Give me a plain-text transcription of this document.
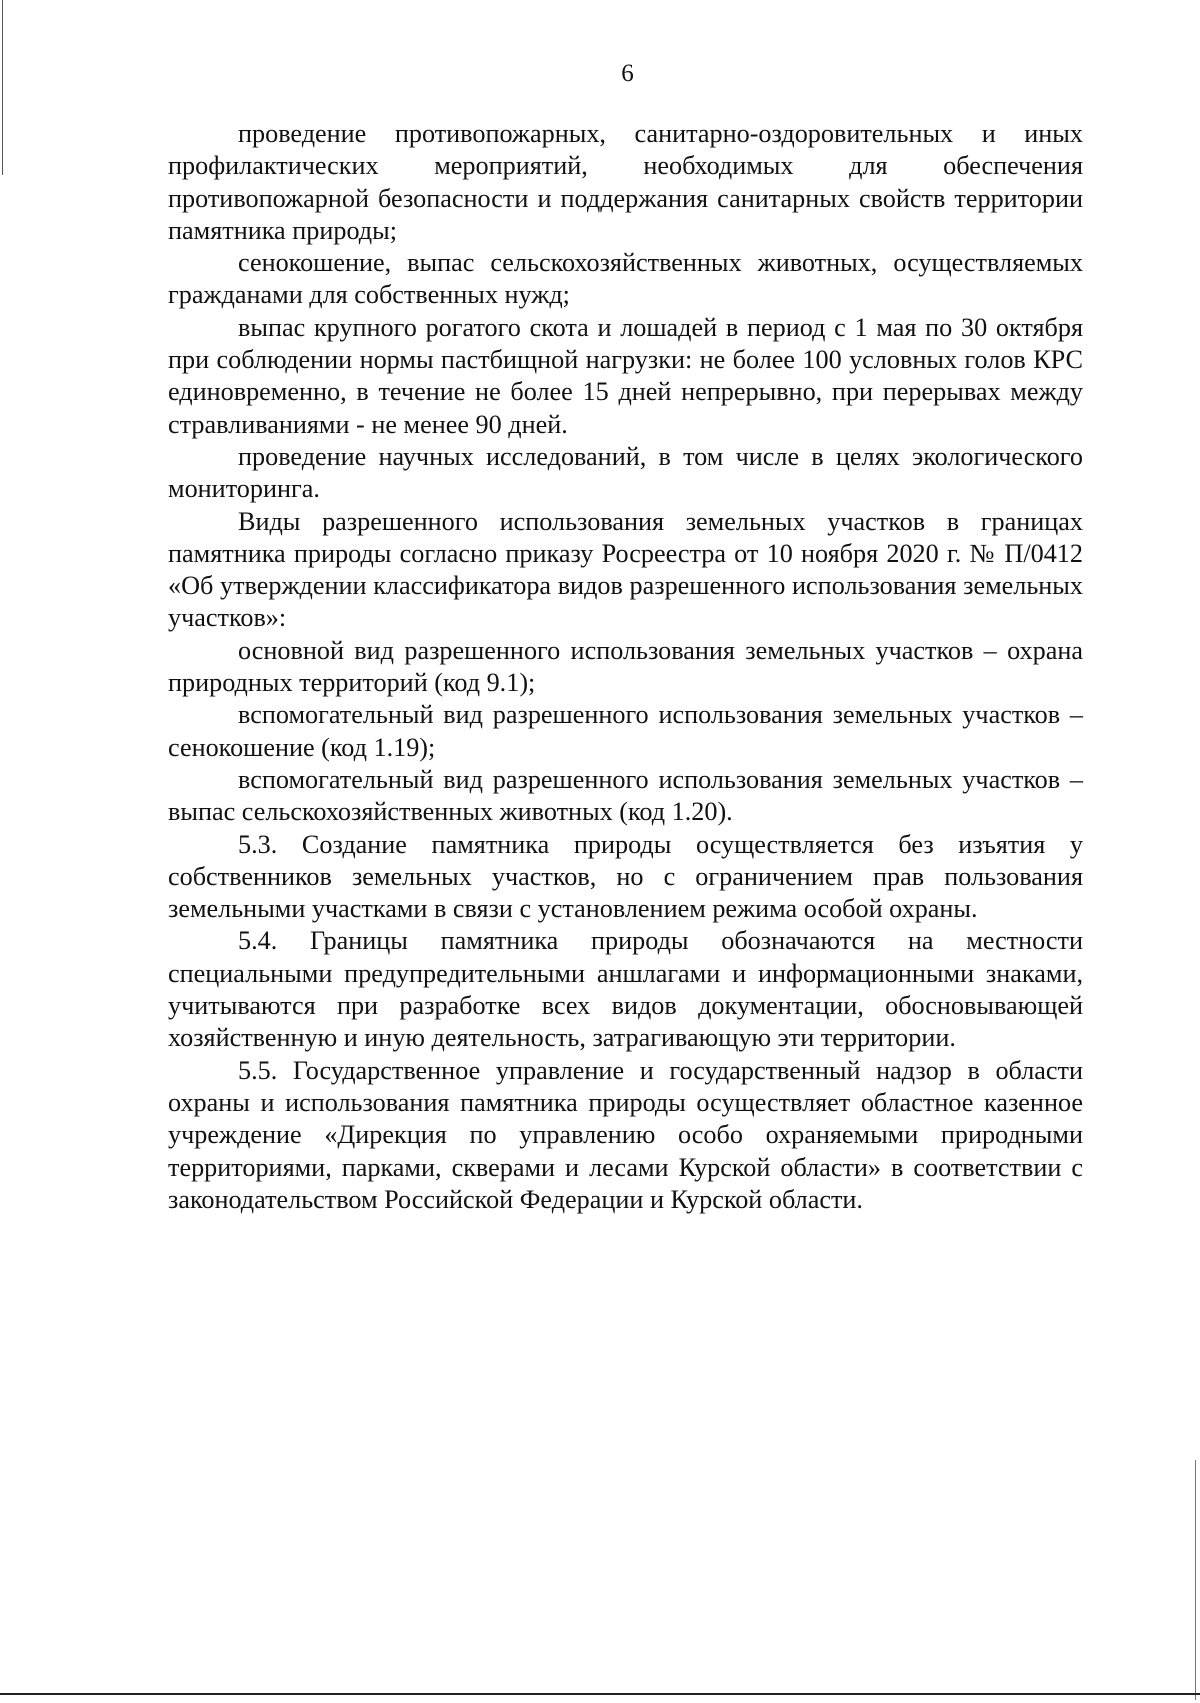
6

проведение противопожарных, санитарно-оздоровительных и иных профилактических мероприятий, необходимых для обеспечения противопожарной безопасности и поддержания санитарных свойств территории памятника природы;

сенокошение, выпас сельскохозяйственных животных, осуществляемых гражданами для собственных нужд;

выпас крупного рогатого скота и лошадей в период с 1 мая по 30 октября при соблюдении нормы пастбищной нагрузки: не более 100 условных голов КРС единовременно, в течение не более 15 дней непрерывно, при перерывах между стравливаниями - не менее 90 дней.

проведение научных исследований, в том числе в целях экологического мониторинга.

Виды разрешенного использования земельных участков в границах памятника природы согласно приказу Росреестра от 10 ноября 2020 г. № П/0412 «Об утверждении классификатора видов разрешенного использования земельных участков»:

основной вид разрешенного использования земельных участков – охрана природных территорий (код 9.1);

вспомогательный вид разрешенного использования земельных участков – сенокошение (код 1.19);

вспомогательный вид разрешенного использования земельных участков – выпас сельскохозяйственных животных (код 1.20).

5.3. Создание памятника природы осуществляется без изъятия у собственников земельных участков, но с ограничением прав пользования земельными участками в связи с установлением режима особой охраны.

5.4. Границы памятника природы обозначаются на местности специальными предупредительными аншлагами и информационными знаками, учитываются при разработке всех видов документации, обосновывающей хозяйственную и иную деятельность, затрагивающую эти территории.

5.5. Государственное управление и государственный надзор в области охраны и использования памятника природы осуществляет областное казенное учреждение «Дирекция по управлению особо охраняемыми природными территориями, парками, скверами и лесами Курской области» в соответствии с законодательством Российской Федерации и Курской области.
